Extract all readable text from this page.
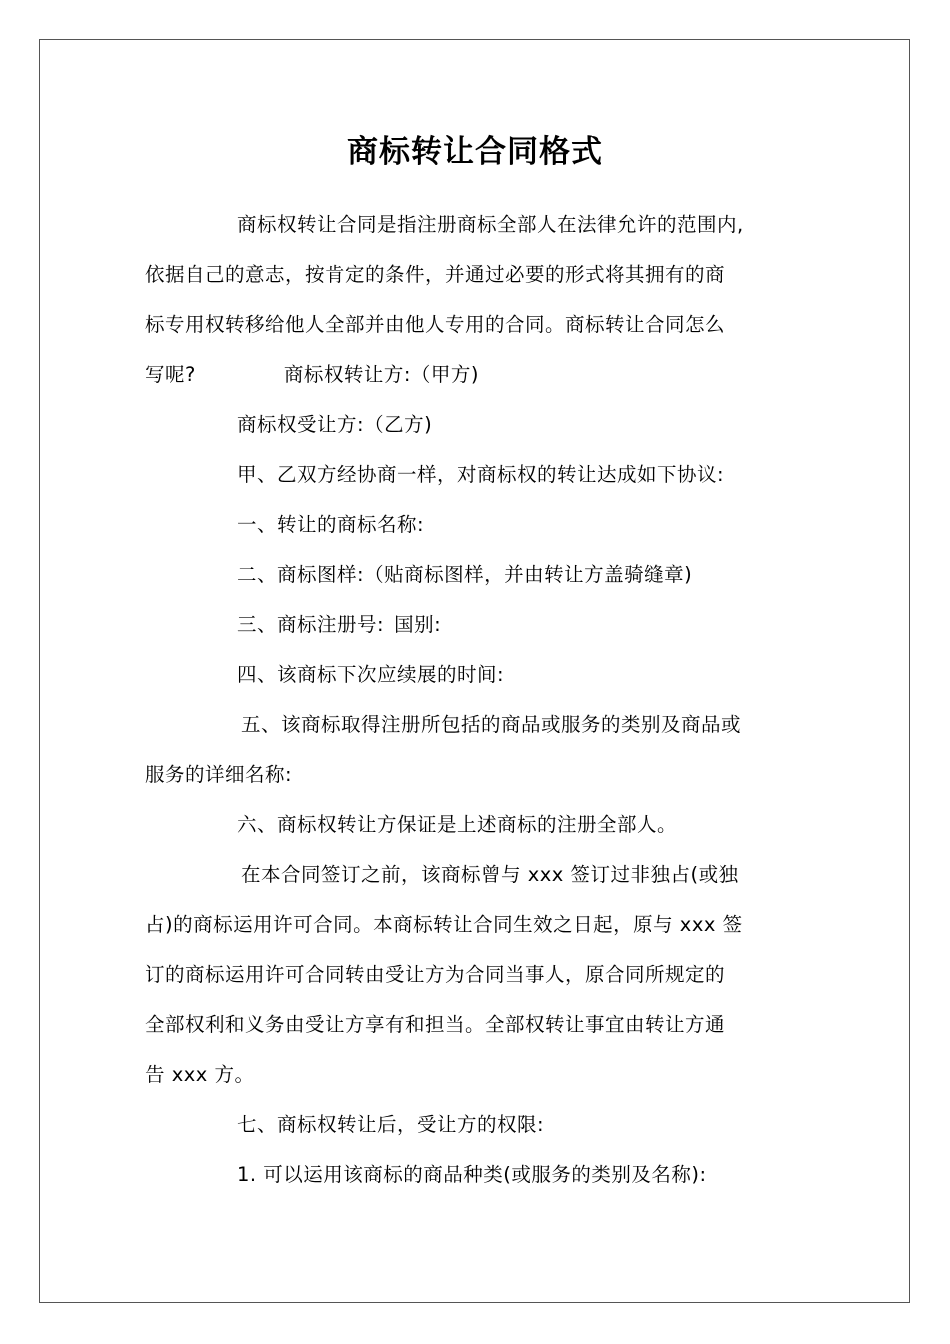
商标转让合同格式
商标权转让合同是指注册商标全部人在法律允许的范围内,
依据自己的意志，按肯定的条件，并通过必要的形式将其拥有的商
标专用权转移给他人全部并由他人专用的合同。商标转让合同怎么
写呢?	商标权转让方:（甲方)
商标权受让方:（乙方)
甲、乙双方经协商一样，对商标权的转让达成如下协议:
一、转让的商标名称:
二、商标图样:（贴商标图样，并由转让方盖骑缝章)
三、商标注册号: 国别:
四、该商标下次应续展的时间:
五、该商标取得注册所包括的商品或服务的类别及商品或
服务的详细名称:
六、商标权转让方保证是上述商标的注册全部人。
在本合同签订之前，该商标曾与 xxx 签订过非独占(或独
占)的商标运用许可合同。本商标转让合同生效之日起，原与 xxx 签
订的商标运用许可合同转由受让方为合同当事人，原合同所规定的
全部权利和义务由受让方享有和担当。全部权转让事宜由转让方通
告 xxx 方。
七、商标权转让后，受让方的权限:
1. 可以运用该商标的商品种类(或服务的类别及名称):
